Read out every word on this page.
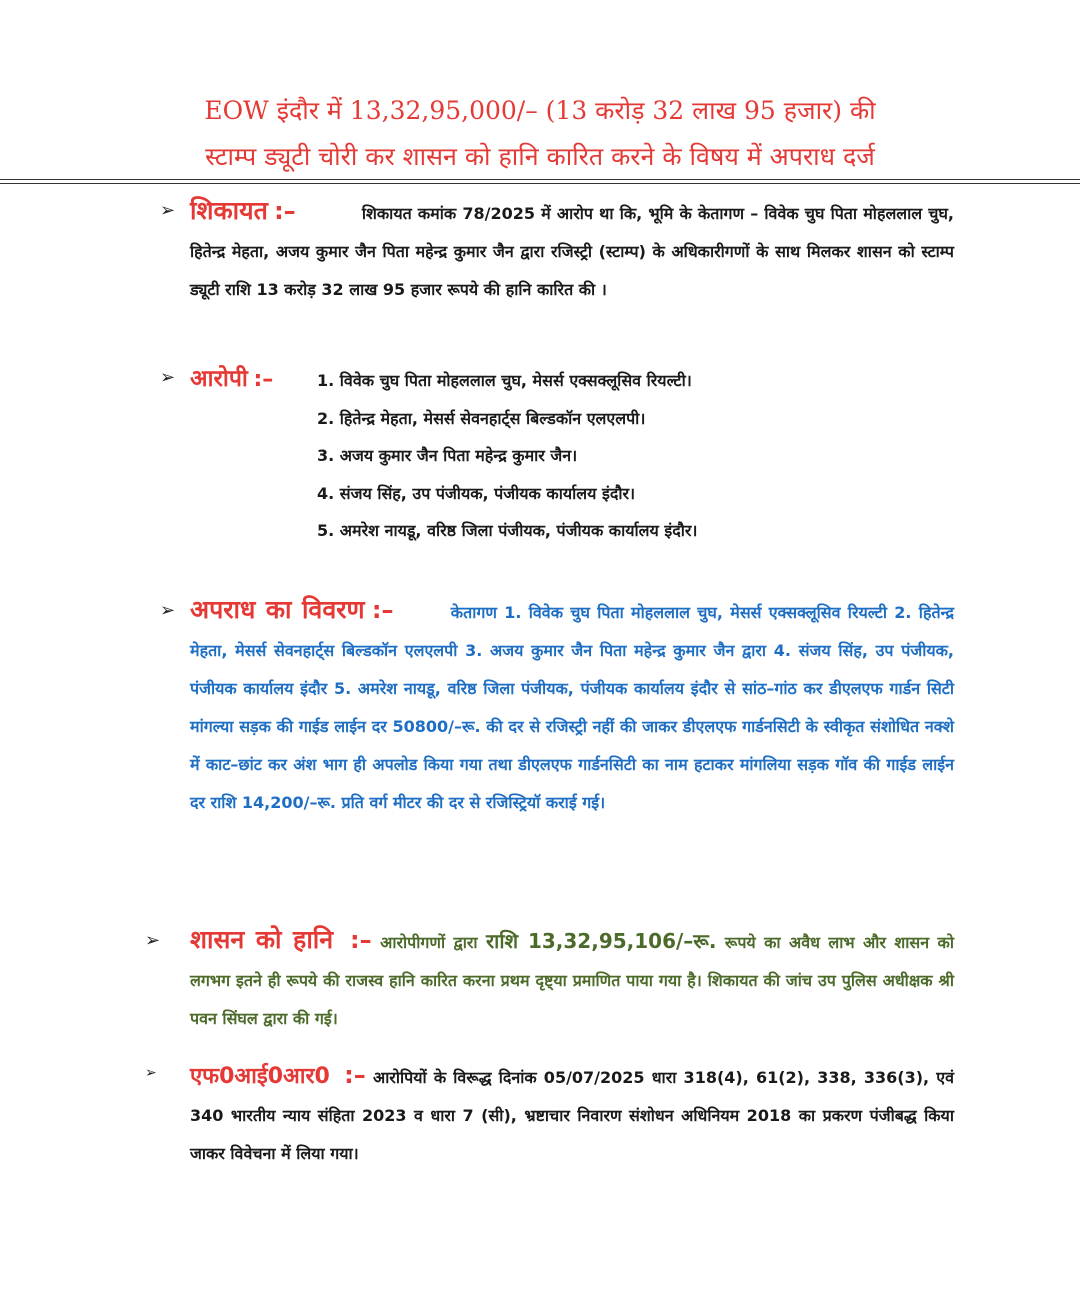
EOW इंदौर में 13,32,95,000/– (13 करोड़ 32 लाख 95 हजार) की
स्टाम्प ड्यूटी चोरी कर शासन को हानि कारित करने के विषय में अपराध दर्ज
➢ शिकायत :–	शिकायत कमांक 78/2025 में आरोप था कि, भूमि के केतागण – विवेक चुघ पिता मोहललाल चुघ, हितेन्द्र मेहता, अजय कुमार जैन पिता महेन्द्र कुमार जैन द्वारा रजिस्ट्री (स्टाम्प) के अधिकारीगणों के साथ मिलकर शासन को स्टाम्प ड्यूटी राशि 13 करोड़ 32 लाख 95 हजार रूपये की हानि कारित की ।
➢ आरोपी :–	1. विवेक चुघ पिता मोहललाल चुघ, मेसर्स एक्सक्लूसिव रियल्टी।
2. हितेन्द्र मेहता, मेसर्स सेवनहार्ट्स बिल्डकॉन एलएलपी।
3. अजय कुमार जैन पिता महेन्द्र कुमार जैन।
4. संजय सिंह, उप पंजीयक, पंजीयक कार्यालय इंदौर।
5. अमरेश नायडू, वरिष्ठ जिला पंजीयक, पंजीयक कार्यालय इंदौर।
➢ अपराध का विवरण :–	केतागण 1. विवेक चुघ पिता मोहललाल चुघ, मेसर्स एक्सक्लूसिव रियल्टी 2. हितेन्द्र मेहता, मेसर्स सेवनहार्ट्स बिल्डकॉन एलएलपी 3. अजय कुमार जैन पिता महेन्द्र कुमार जैन द्वारा 4. संजय सिंह, उप पंजीयक, पंजीयक कार्यालय इंदौर 5. अमरेश नायडू, वरिष्ठ जिला पंजीयक, पंजीयक कार्यालय इंदौर से सांठ–गांठ कर डीएलएफ गार्डन सिटी मांगल्या सड़क की गाईड लाईन दर 50800/–रू. की दर से रजिस्ट्री नहीं की जाकर डीएलएफ गार्डनसिटी के स्वीकृत संशोधित नक्शे में काट–छांट कर अंश भाग ही अपलोड किया गया तथा डीएलएफ गार्डनसिटी का नाम हटाकर मांगलिया सड़क गॉव की गाईड लाईन दर राशि 14,200/–रू. प्रति वर्ग मीटर की दर से रजिस्ट्रियॉ कराई गई।
➢ शासन को हानि :– आरोपीगणों द्वारा राशि 13,32,95,106/–रू. रूपये का अवैध लाभ और शासन को लगभग इतने ही रूपये की राजस्व हानि कारित करना प्रथम दृष्ट्या प्रमाणित पाया गया है। शिकायत की जांच उप पुलिस अधीक्षक श्री पवन सिंघल द्वारा की गई।
➢ एफ0आई0आर0 :– आरोपियों के विरूद्ध दिनांक 05/07/2025 धारा 318(4), 61(2), 338, 336(3), एवं 340 भारतीय न्याय संहिता 2023 व धारा 7 (सी), भ्रष्टाचार निवारण संशोधन अधिनियम 2018 का प्रकरण पंजीबद्ध किया जाकर विवेचना में लिया गया।
